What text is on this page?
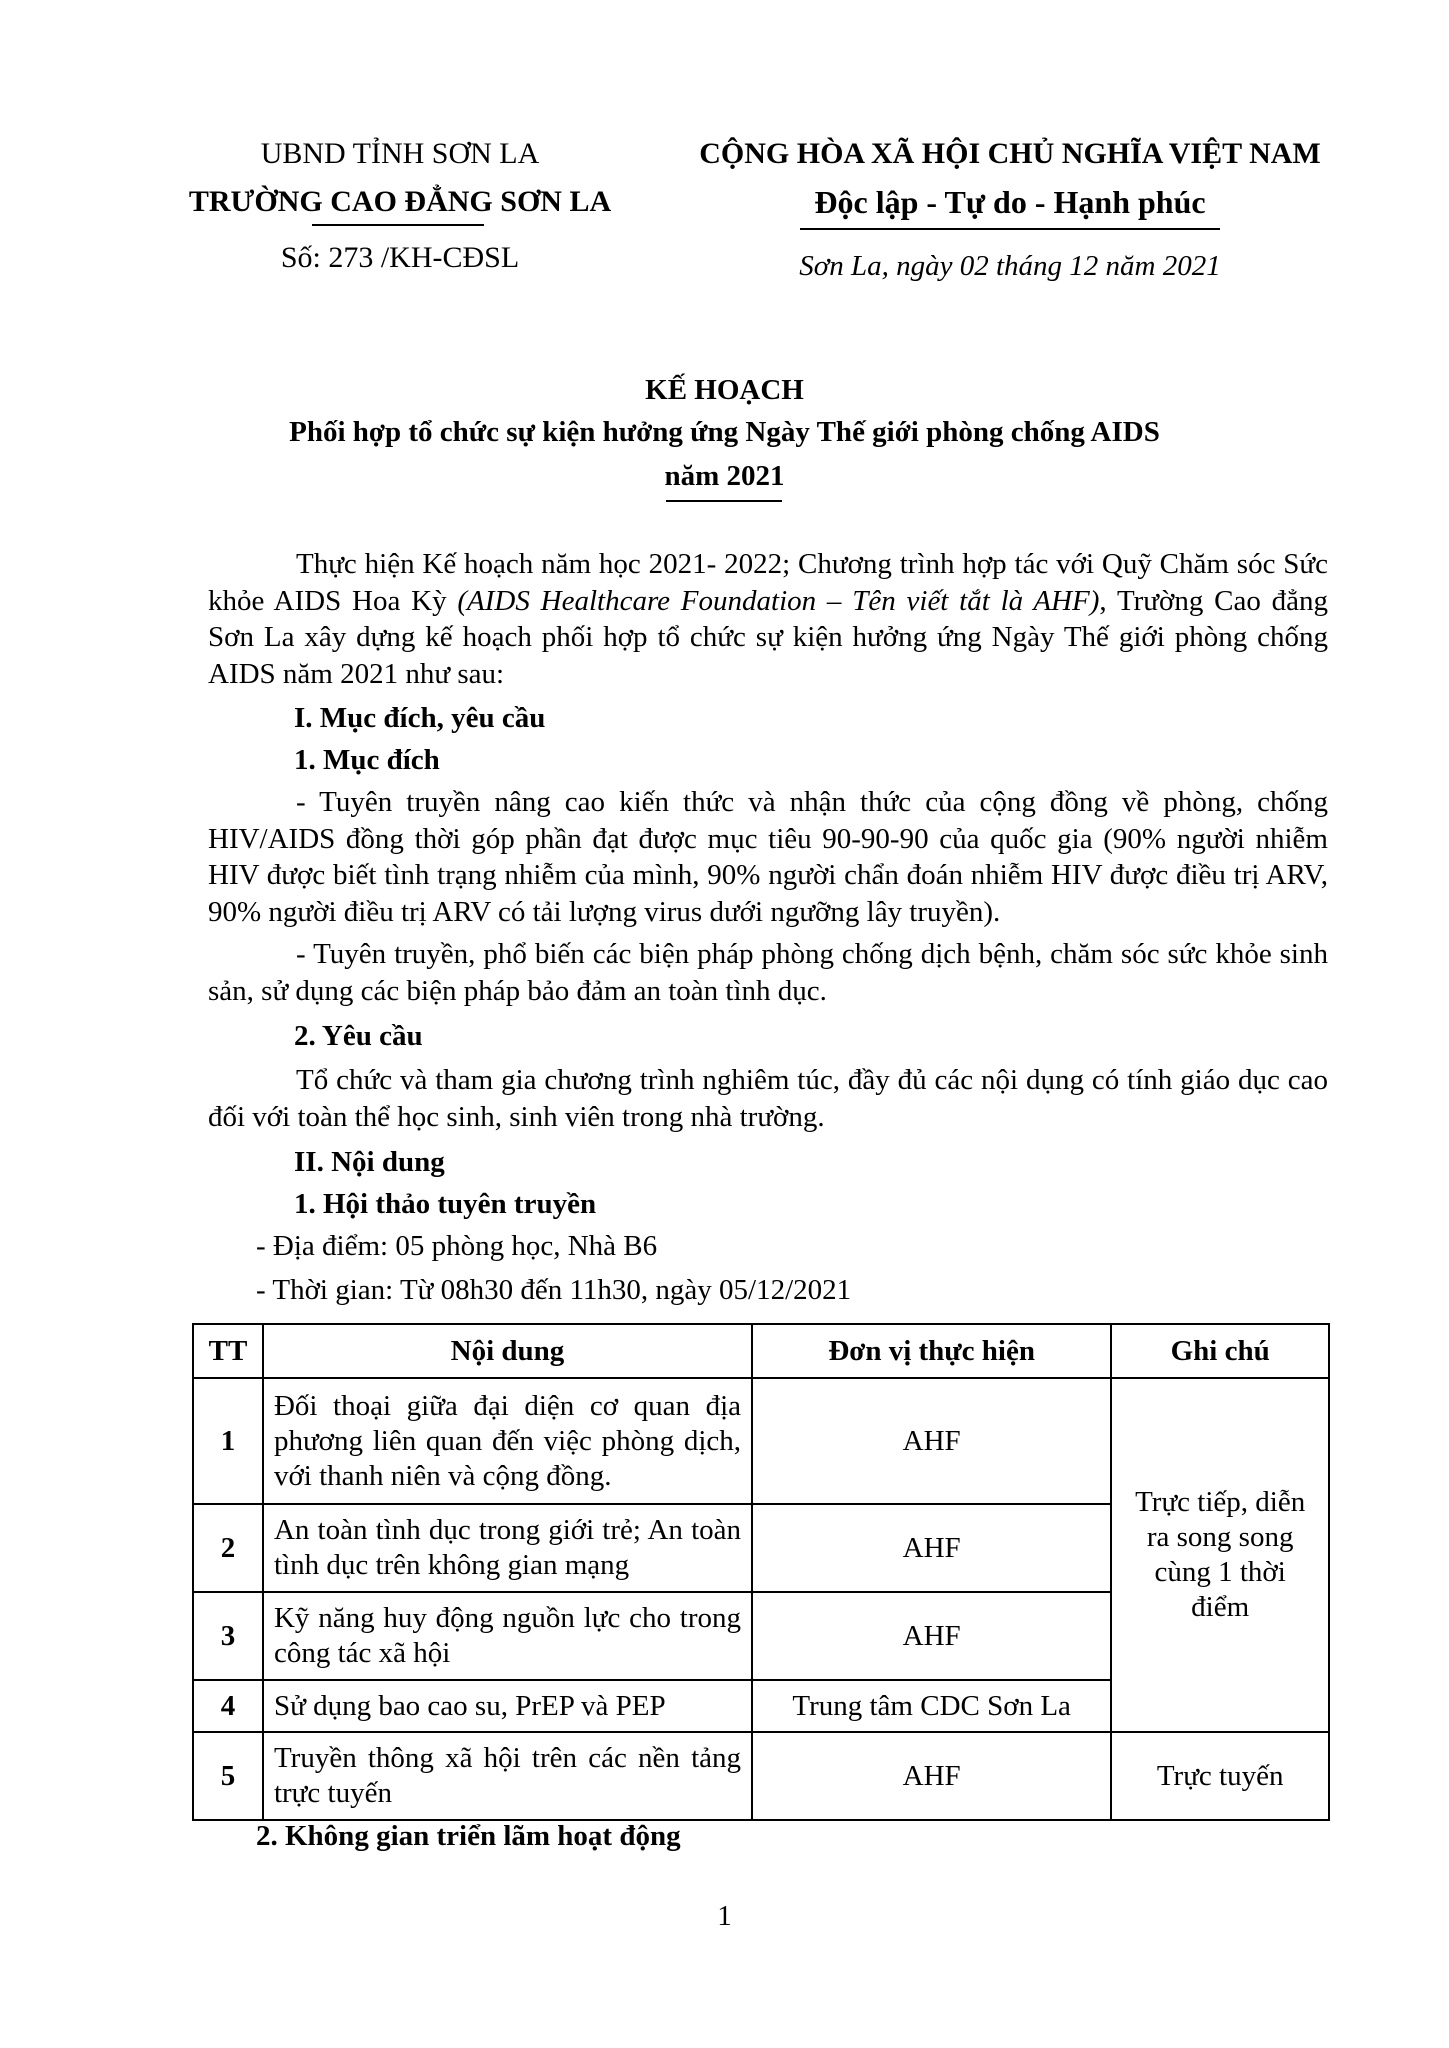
UBND TỈNH SƠN LA
TRƯỜNG CAO ĐẲNG SƠN LA
Số: 273 /KH-CĐSL
CỘNG HÒA XÃ HỘI CHỦ NGHĨA VIỆT NAM
Độc lập - Tự do - Hạnh phúc
Sơn La, ngày 02 tháng 12 năm 2021
KẾ HOẠCH
Phối hợp tổ chức sự kiện hưởng ứng Ngày Thế giới phòng chống AIDS
năm 2021
Thực hiện Kế hoạch năm học 2021- 2022; Chương trình hợp tác với Quỹ Chăm sóc Sức khỏe AIDS Hoa Kỳ (AIDS Healthcare Foundation – Tên viết tắt là AHF), Trường Cao đẳng Sơn La xây dựng kế hoạch phối hợp tổ chức sự kiện hưởng ứng Ngày Thế giới phòng chống AIDS năm 2021 như sau:
I. Mục đích, yêu cầu
1. Mục đích
- Tuyên truyền nâng cao kiến thức và nhận thức của cộng đồng về phòng, chống HIV/AIDS đồng thời góp phần đạt được mục tiêu 90-90-90 của quốc gia (90% người nhiễm HIV được biết tình trạng nhiễm của mình, 90% người chẩn đoán nhiễm HIV được điều trị ARV, 90% người điều trị ARV có tải lượng virus dưới ngưỡng lây truyền).
- Tuyên truyền, phổ biến các biện pháp phòng chống dịch bệnh, chăm sóc sức khỏe sinh sản, sử dụng các biện pháp bảo đảm an toàn tình dục.
2. Yêu cầu
Tổ chức và tham gia chương trình nghiêm túc, đầy đủ các nội dụng có tính giáo dục cao đối với toàn thể học sinh, sinh viên trong nhà trường.
II. Nội dung
1. Hội thảo tuyên truyền
- Địa điểm: 05 phòng học, Nhà B6
- Thời gian: Từ 08h30 đến 11h30, ngày 05/12/2021
TT	Nội dung	Đơn vị thực hiện	Ghi chú
1	Đối thoại giữa đại diện cơ quan địa phương liên quan đến việc phòng dịch, với thanh niên và cộng đồng.	AHF	Trực tiếp, diễn ra song song cùng 1 thời điểm
2	An toàn tình dục trong giới trẻ; An toàn tình dục trên không gian mạng	AHF	
3	Kỹ năng huy động nguồn lực cho trong công tác xã hội	AHF	
4	Sử dụng bao cao su, PrEP và PEP	Trung tâm CDC Sơn La	
5	Truyền thông xã hội trên các nền tảng trực tuyến	AHF	Trực tuyến
2. Không gian triển lãm hoạt động
1
